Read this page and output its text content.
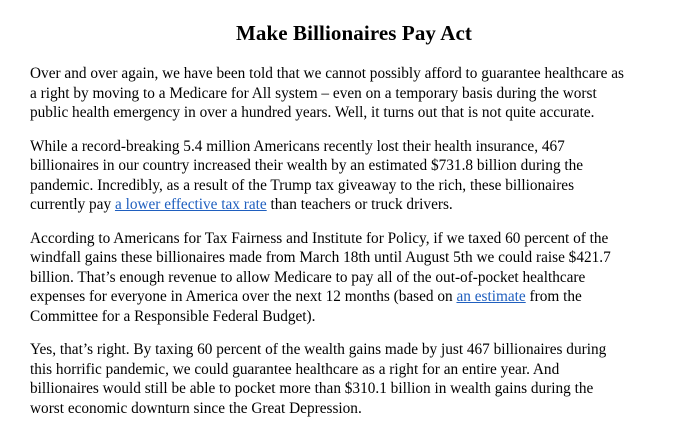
Make Billionaires Pay Act
Over and over again, we have been told that we cannot possibly afford to guarantee healthcare as
a right by moving to a Medicare for All system – even on a temporary basis during the worst
public health emergency in over a hundred years. Well, it turns out that is not quite accurate.
While a record-breaking 5.4 million Americans recently lost their health insurance, 467
billionaires in our country increased their wealth by an estimated $731.8 billion during the
pandemic. Incredibly, as a result of the Trump tax giveaway to the rich, these billionaires
currently pay a lower effective tax rate than teachers or truck drivers.
According to Americans for Tax Fairness and Institute for Policy, if we taxed 60 percent of the
windfall gains these billionaires made from March 18th until August 5th we could raise $421.7
billion. That’s enough revenue to allow Medicare to pay all of the out-of-pocket healthcare
expenses for everyone in America over the next 12 months (based on an estimate from the
Committee for a Responsible Federal Budget).
Yes, that’s right. By taxing 60 percent of the wealth gains made by just 467 billionaires during
this horrific pandemic, we could guarantee healthcare as a right for an entire year. And
billionaires would still be able to pocket more than $310.1 billion in wealth gains during the
worst economic downturn since the Great Depression.
